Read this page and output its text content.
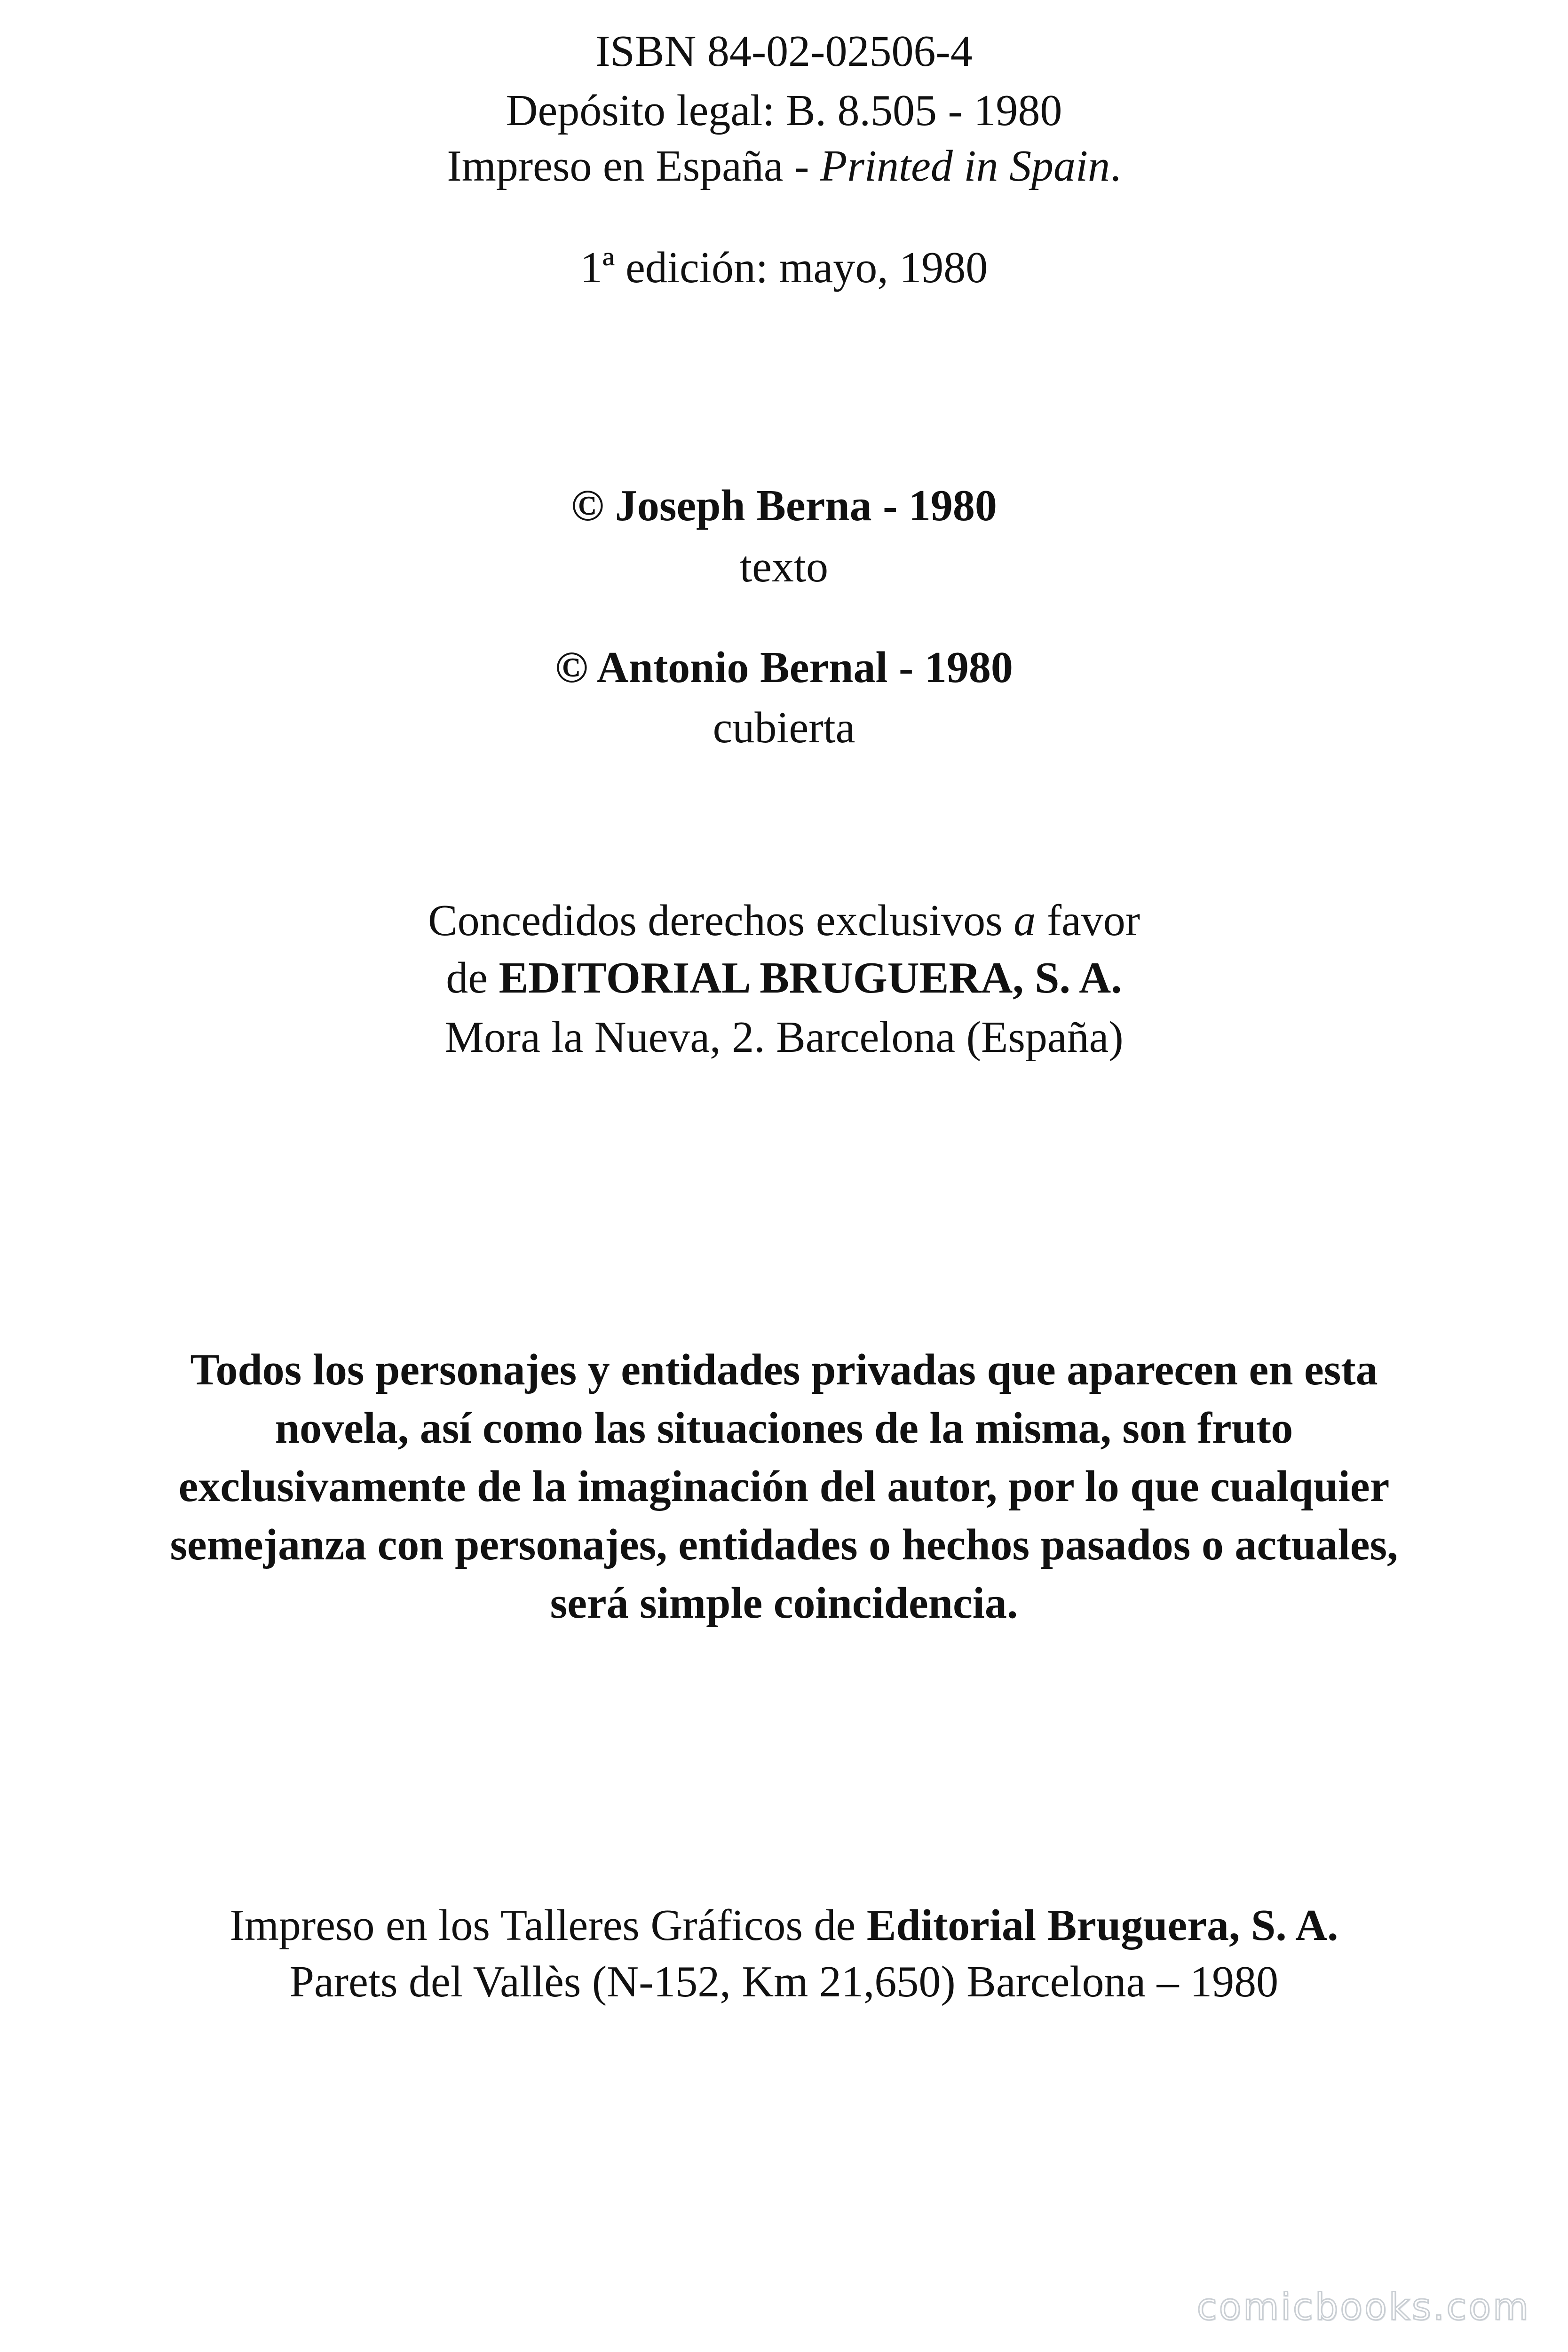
ISBN 84-02-02506-4
Depósito legal: B. 8.505 - 1980
Impreso en España - Printed in Spain.
1ª edición: mayo, 1980
© Joseph Berna - 1980
texto
© Antonio Bernal - 1980
cubierta
Concedidos derechos exclusivos a favor
de EDITORIAL BRUGUERA, S. A.
Mora la Nueva, 2. Barcelona (España)
Todos los personajes y entidades privadas que aparecen en esta
novela, así como las situaciones de la misma, son fruto
exclusivamente de la imaginación del autor, por lo que cualquier
semejanza con personajes, entidades o hechos pasados o actuales,
será simple coincidencia.
Impreso en los Talleres Gráficos de Editorial Bruguera, S. A.
Parets del Vallès (N-152, Km 21,650) Barcelona – 1980
comicbooks.com
